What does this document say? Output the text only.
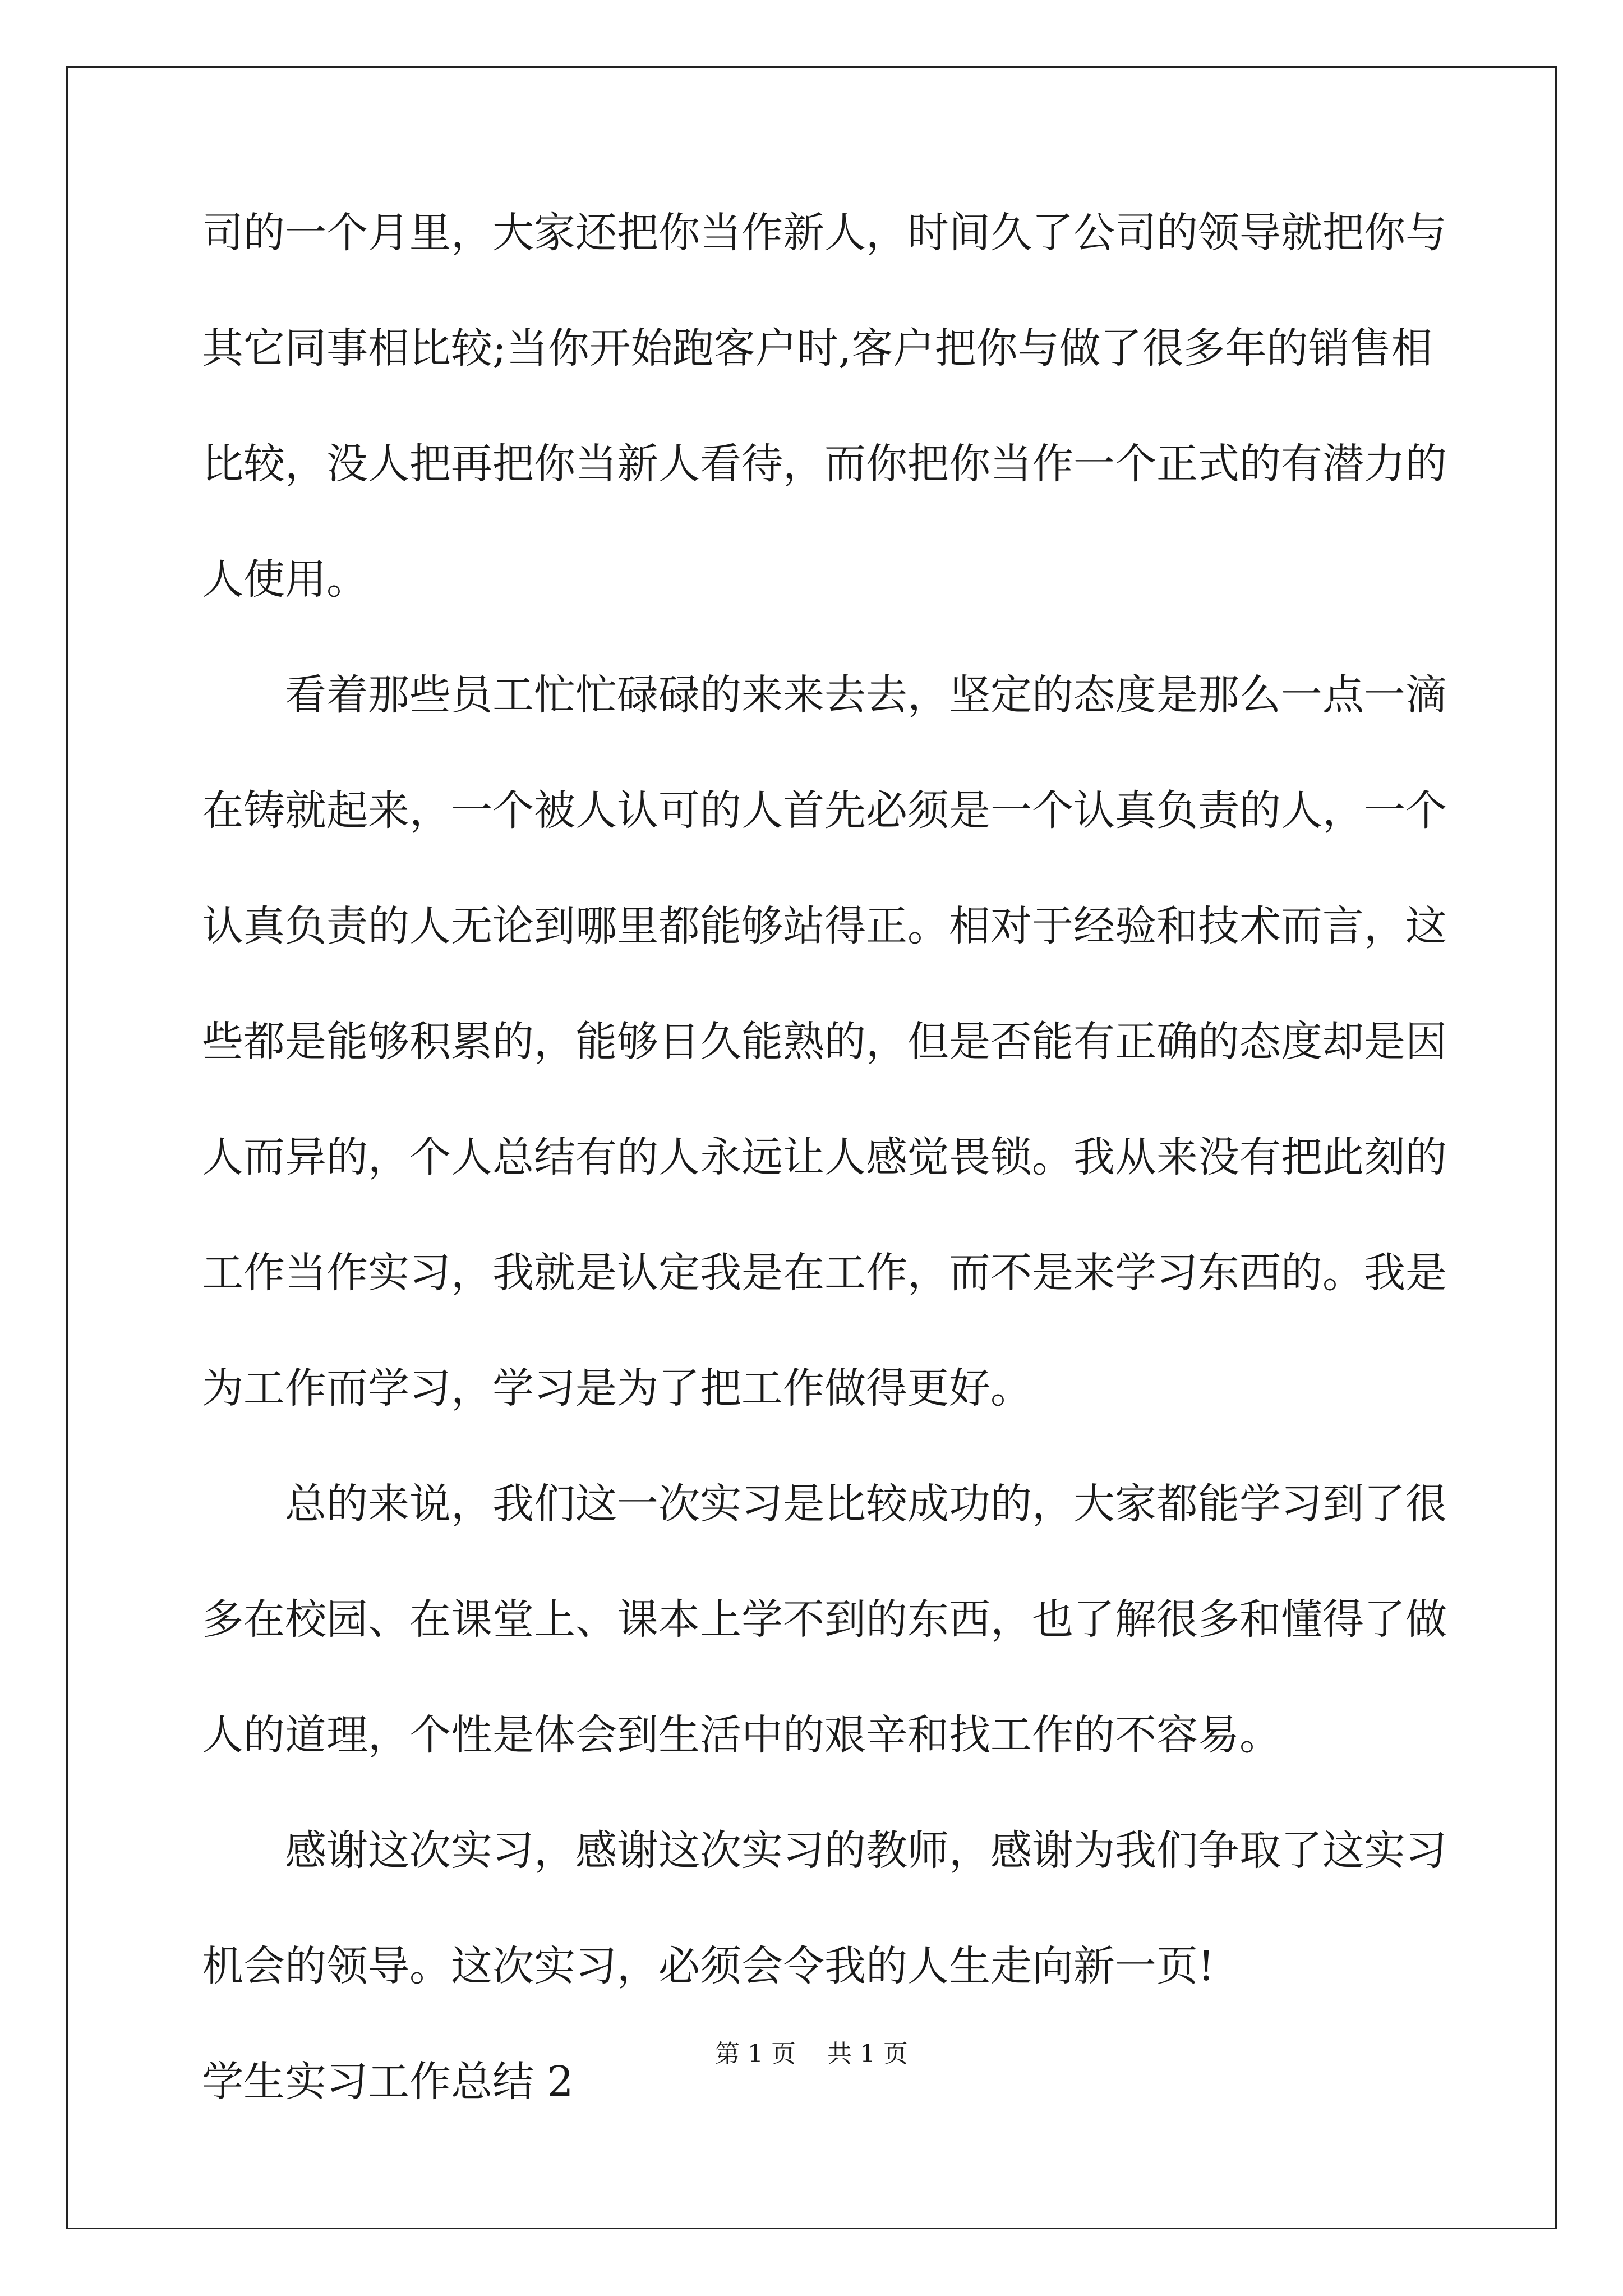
司的一个月里，大家还把你当作新人，时间久了公司的领导就把你与
其它同事相比较;当你开始跑客户时,客户把你与做了很多年的销售相
比较，没人把再把你当新人看待，而你把你当作一个正式的有潜力的
人使用。
看着那些员工忙忙碌碌的来来去去，坚定的态度是那么一点一滴
在铸就起来，一个被人认可的人首先必须是一个认真负责的人，一个
认真负责的人无论到哪里都能够站得正。相对于经验和技术而言，这
些都是能够积累的，能够日久能熟的，但是否能有正确的态度却是因
人而异的，个人总结有的人永远让人感觉畏锁。我从来没有把此刻的
工作当作实习，我就是认定我是在工作，而不是来学习东西的。我是
为工作而学习，学习是为了把工作做得更好。
总的来说，我们这一次实习是比较成功的，大家都能学习到了很
多在校园、在课堂上、课本上学不到的东西，也了解很多和懂得了做
人的道理，个性是体会到生活中的艰辛和找工作的不容易。
感谢这次实习，感谢这次实习的教师，感谢为我们争取了这实习
机会的领导。这次实习，必须会令我的人生走向新一页!
学生实习工作总结 2
第 1 页    共 1 页
